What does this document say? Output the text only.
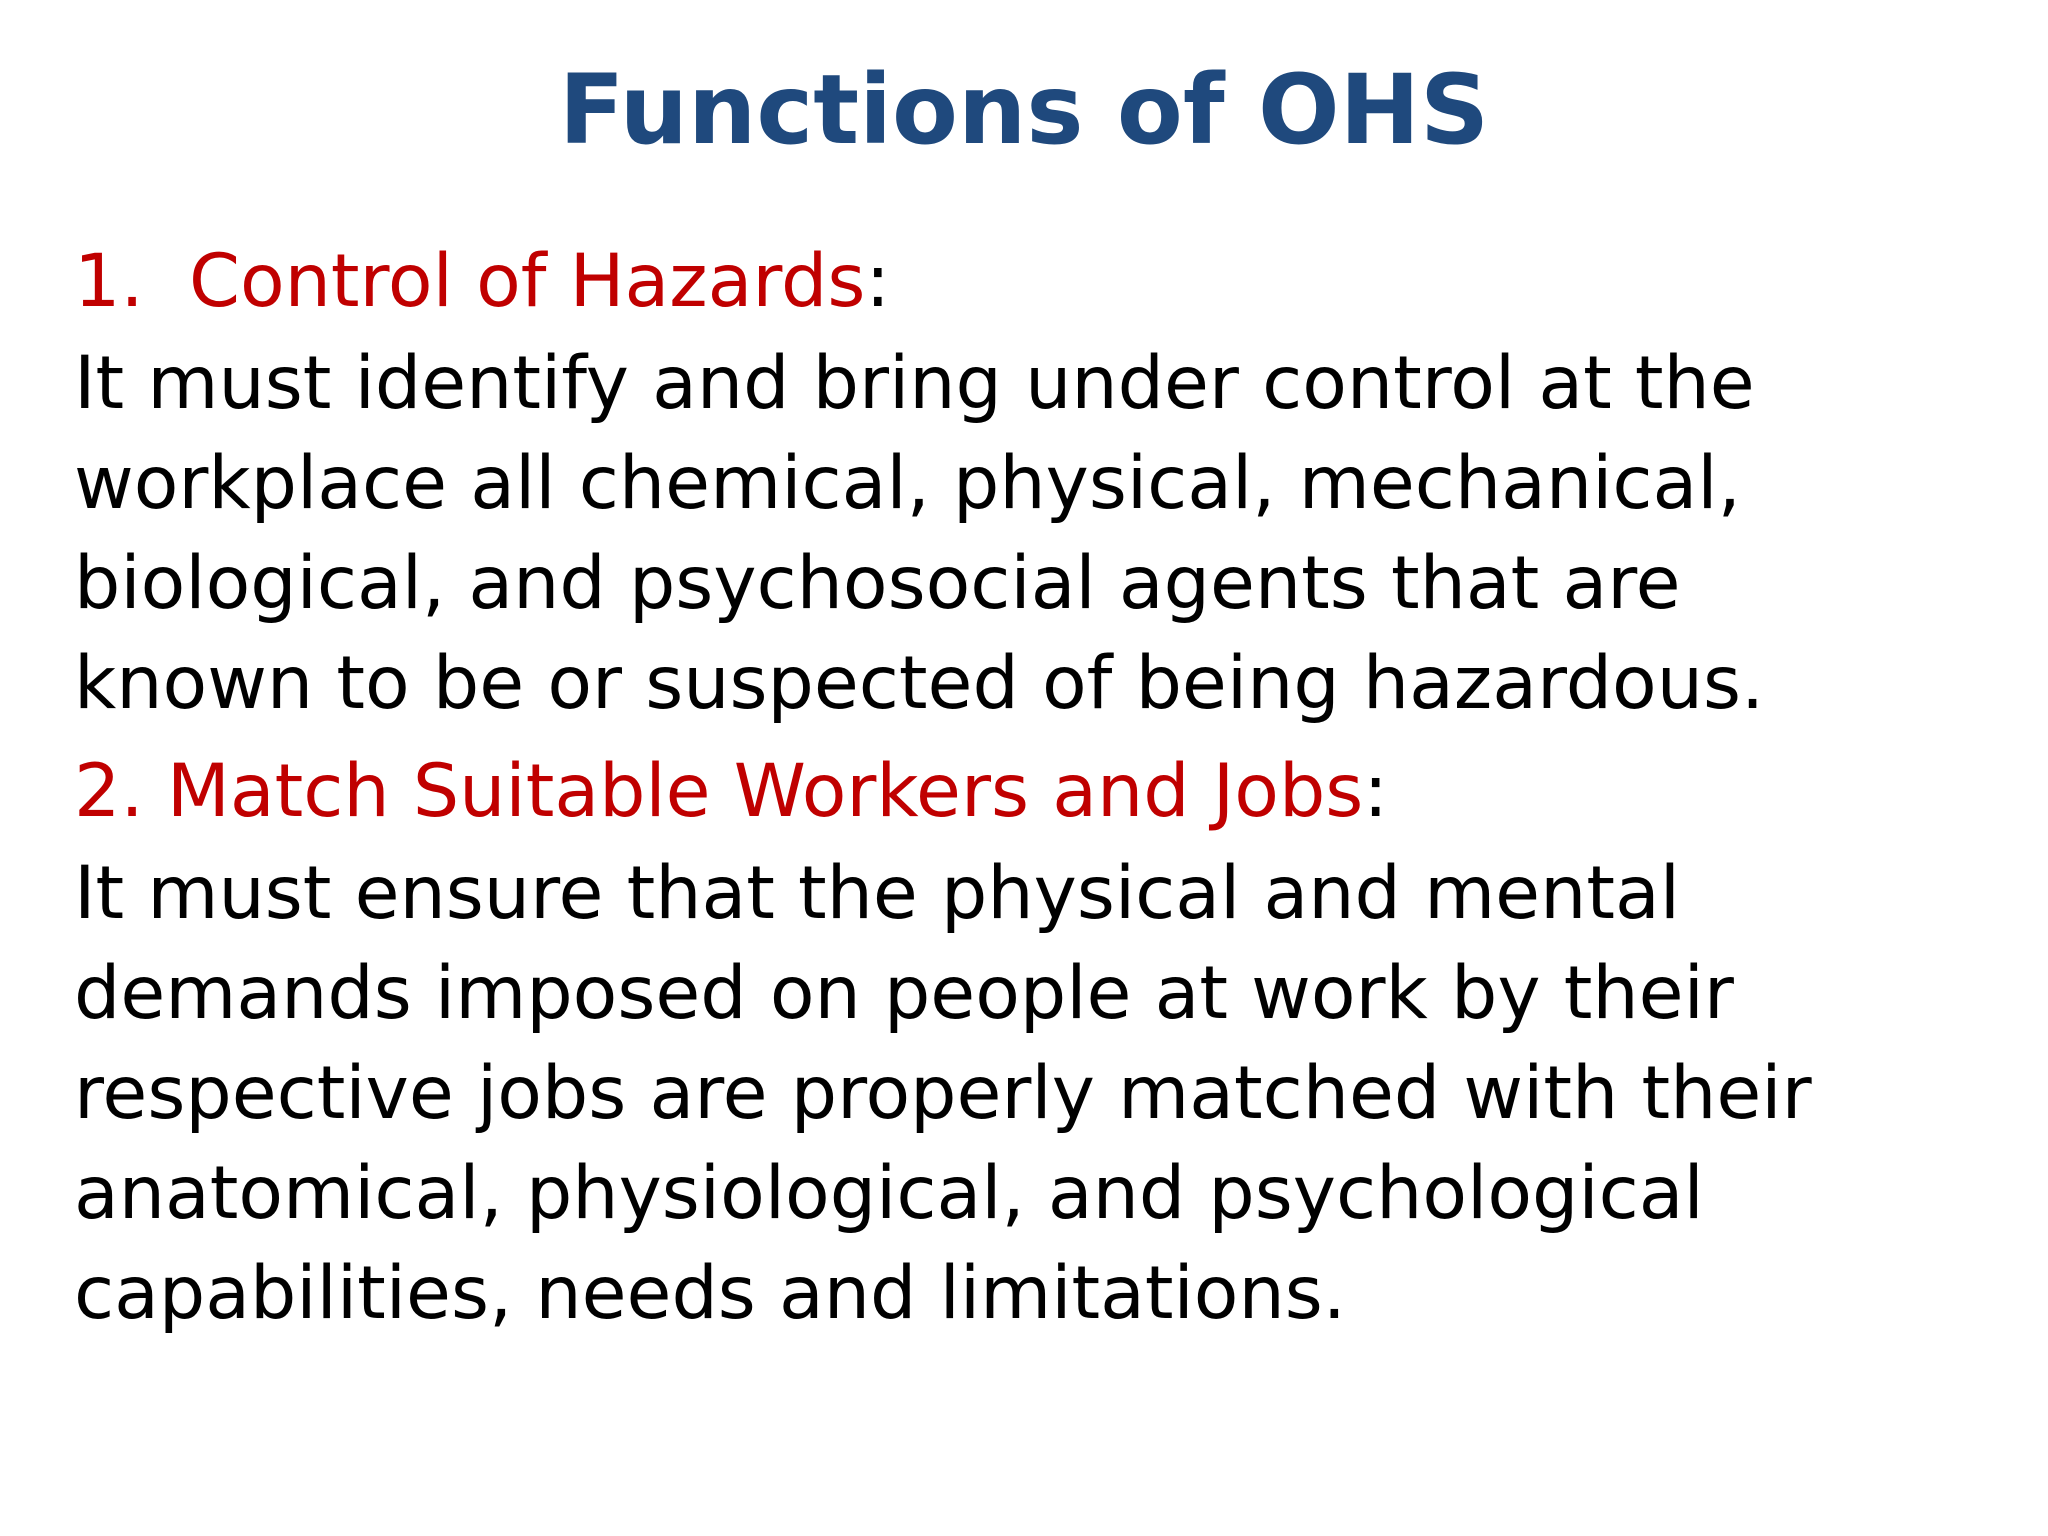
Functions of OHS
1. Control of Hazards:
It must identify and bring under control at the
workplace all chemical, physical, mechanical,
biological, and psychosocial agents that are
known to be or suspected of being hazardous.
2. Match Suitable Workers and Jobs:
It must ensure that the physical and mental
demands imposed on people at work by their
respective jobs are properly matched with their
anatomical, physiological, and psychological
capabilities, needs and limitations.
